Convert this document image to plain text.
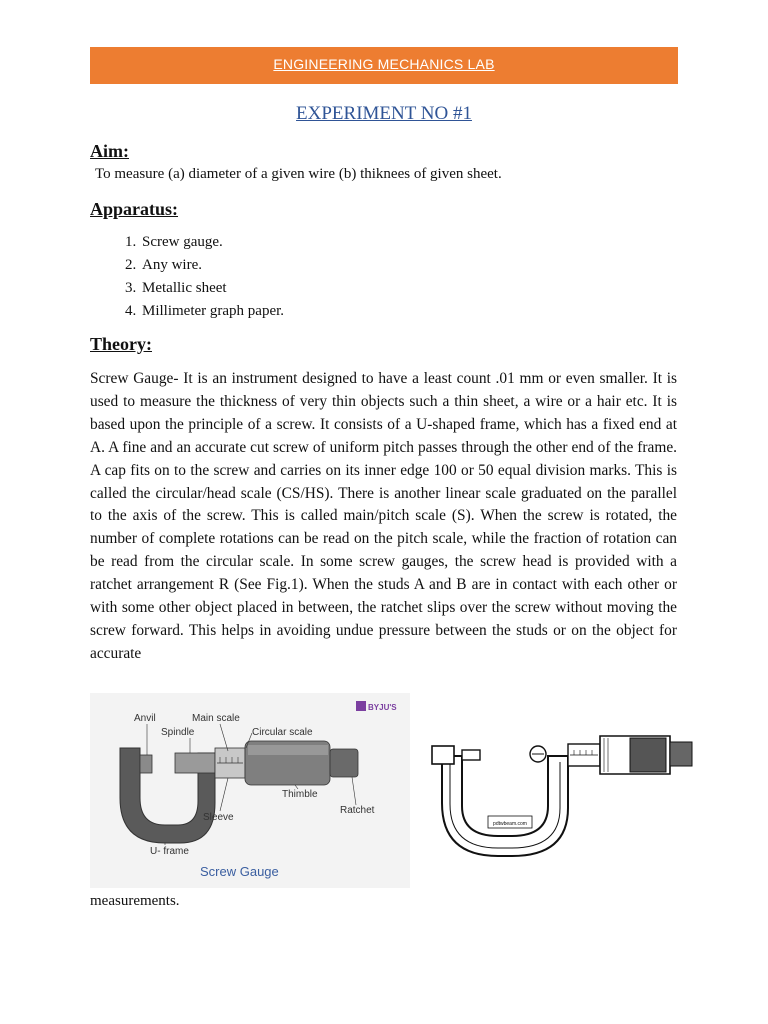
ENGINEERING MECHANICS LAB
EXPERIMENT NO #1
Aim:
To measure (a) diameter of a given wire (b) thiknees of given sheet.
Apparatus:
1. Screw gauge.
2. Any wire.
3. Metallic sheet
4. Millimeter graph paper.
Theory:
Screw Gauge- It is an instrument designed to have a least count .01 mm or even smaller. It is used to measure the thickness of very thin objects such a thin sheet, a wire or a hair etc. It is based upon the principle of a screw. It consists of a U-shaped frame, which has a fixed end at A. A fine and an accurate cut screw of uniform pitch passes through the other end of the frame. A cap fits on to the screw and carries on its inner edge 100 or 50 equal division marks. This is called the circular/head scale (CS/HS). There is another linear scale graduated on the parallel to the axis of the screw. This is called main/pitch scale (S). When the screw is rotated, the number of complete rotations can be read on the pitch scale, while the fraction of rotation can be read from the circular scale. In some screw gauges, the screw head is provided with a ratchet arrangement R (See Fig.1). When the studs A and B are in contact with each other or with some other object placed in between, the ratchet slips over the screw without moving the screw forward. This helps in avoiding undue pressure between the studs or on the object for accurate
BYJU'S
Anvil
Spindle
Main scale
Circular scale
Thimble
Ratchet
Sleeve
U- frame
Screw Gauge
pdtwbeam.com
measurements.
